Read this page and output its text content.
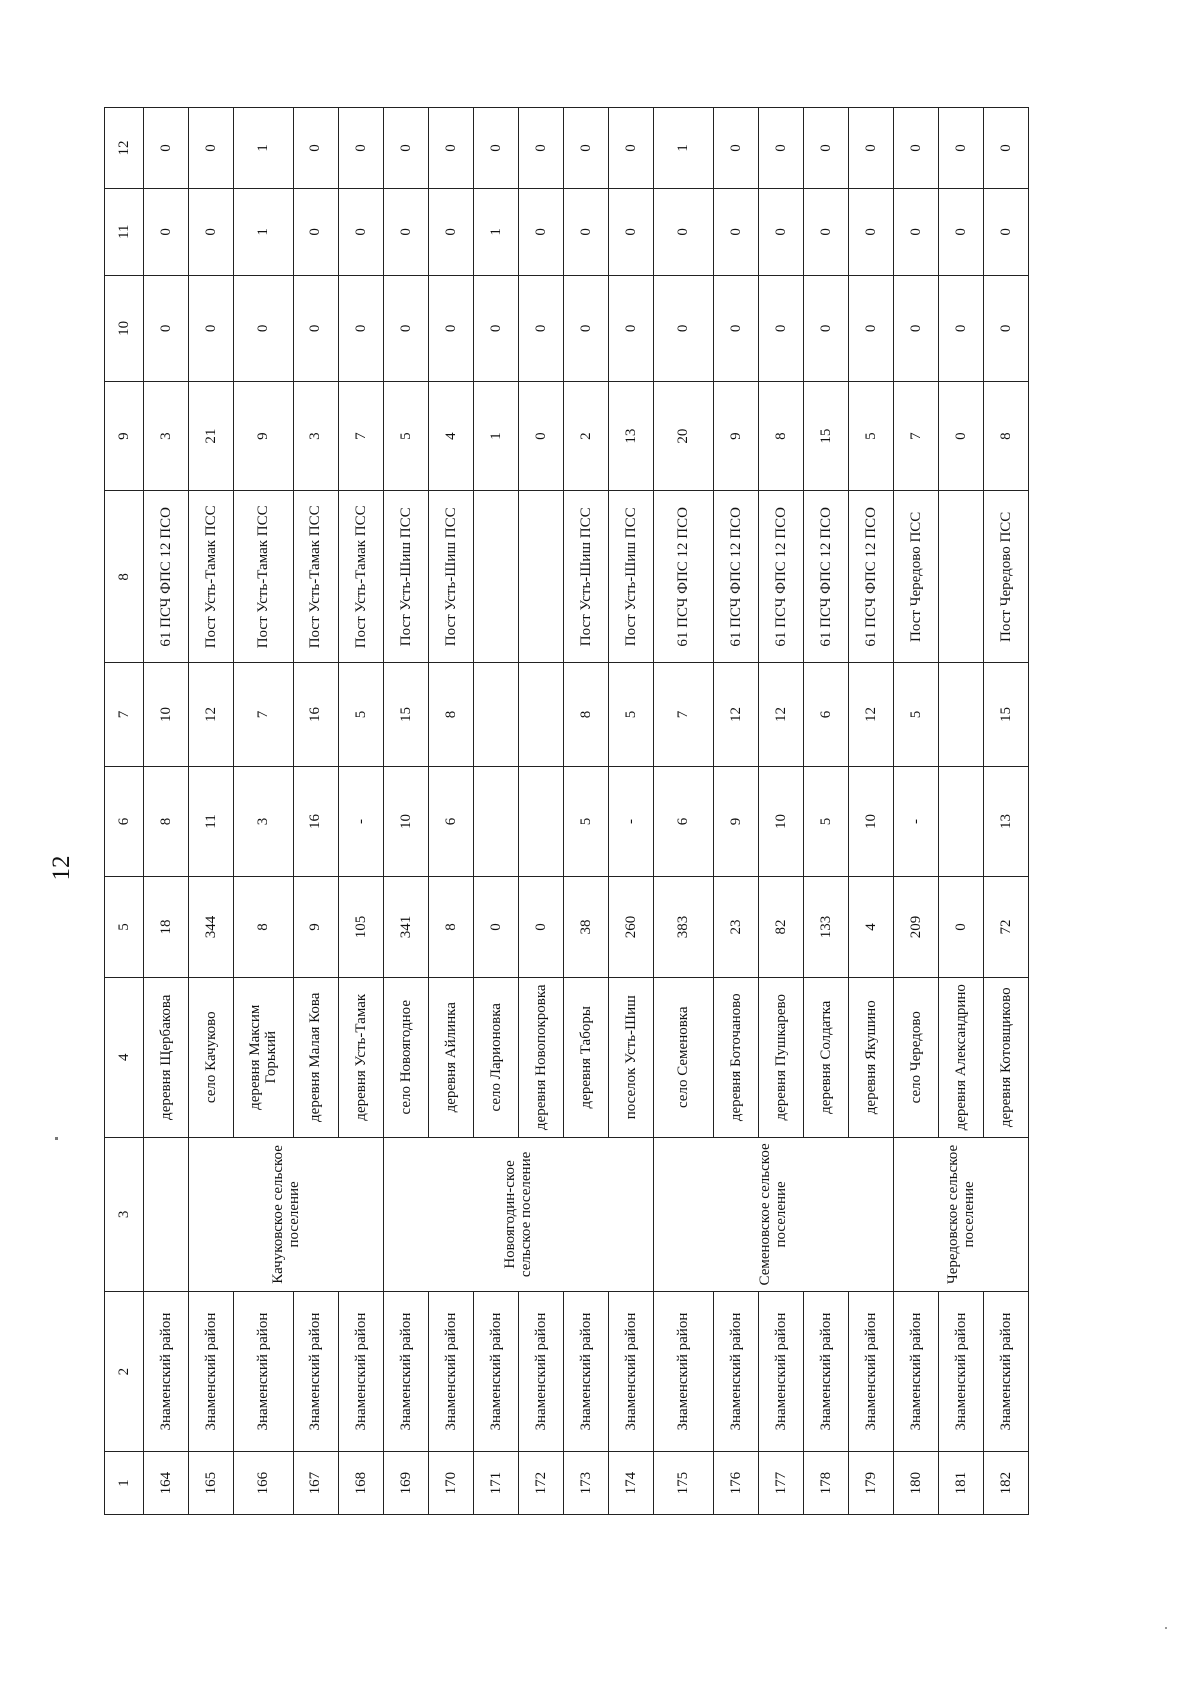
12
1	2	3	4	5	6	7	8	9	10	11	12
164	Знаменский район		деревня Щербакова	18	8	10	61 ПСЧ ФПС 12 ПСО	3	0	0	0
165	Знаменский район	Качуковское сельское поселение	село Качуково	344	11	12	Пост Усть-Тамак ПСС	21	0	0	0
166	Знаменский район		деревня Максим Горький	8	3	7	Пост Усть-Тамак ПСС	9	0	1	1
167	Знаменский район		деревня Малая Кова	9	16	16	Пост Усть-Тамак ПСС	3	0	0	0
168	Знаменский район		деревня Усть-Тамак	105	-	5	Пост Усть-Тамак ПСС	7	0	0	0
169	Знаменский район	Новоягодин-ское сельское поселение	село Новоягодное	341	10	15	Пост Усть-Шиш ПСС	5	0	0	0
170	Знаменский район		деревня Айлинка	8	6	8	Пост Усть-Шиш ПСС	4	0	0	0
171	Знаменский район		село Ларионовка	0				1	0	1	0
172	Знаменский район		деревня Новопокровка	0				0	0	0	0
173	Знаменский район		деревня Таборы	38	5	8	Пост Усть-Шиш ПСС	2	0	0	0
174	Знаменский район		поселок Усть-Шиш	260	-	5	Пост Усть-Шиш ПСС	13	0	0	0
175	Знаменский район	Семеновское сельское поселение	село Семеновка	383	6	7	61 ПСЧ ФПС 12 ПСО	20	0	0	1
176	Знаменский район		деревня Боточаново	23	9	12	61 ПСЧ ФПС 12 ПСО	9	0	0	0
177	Знаменский район		деревня Пушкарево	82	10	12	61 ПСЧ ФПС 12 ПСО	8	0	0	0
178	Знаменский район		деревня Солдатка	133	5	6	61 ПСЧ ФПС 12 ПСО	15	0	0	0
179	Знаменский район		деревня Якушино	4	10	12	61 ПСЧ ФПС 12 ПСО	5	0	0	0
180	Знаменский район	Чередовское сельское поселение	село Чередово	209	-	5	Пост Чередово ПСС	7	0	0	0
181	Знаменский район		деревня Александрино	0				0	0	0	0
182	Знаменский район		деревня Котовщиково	72	13	15	Пост Чередово ПСС	8	0	0	0
